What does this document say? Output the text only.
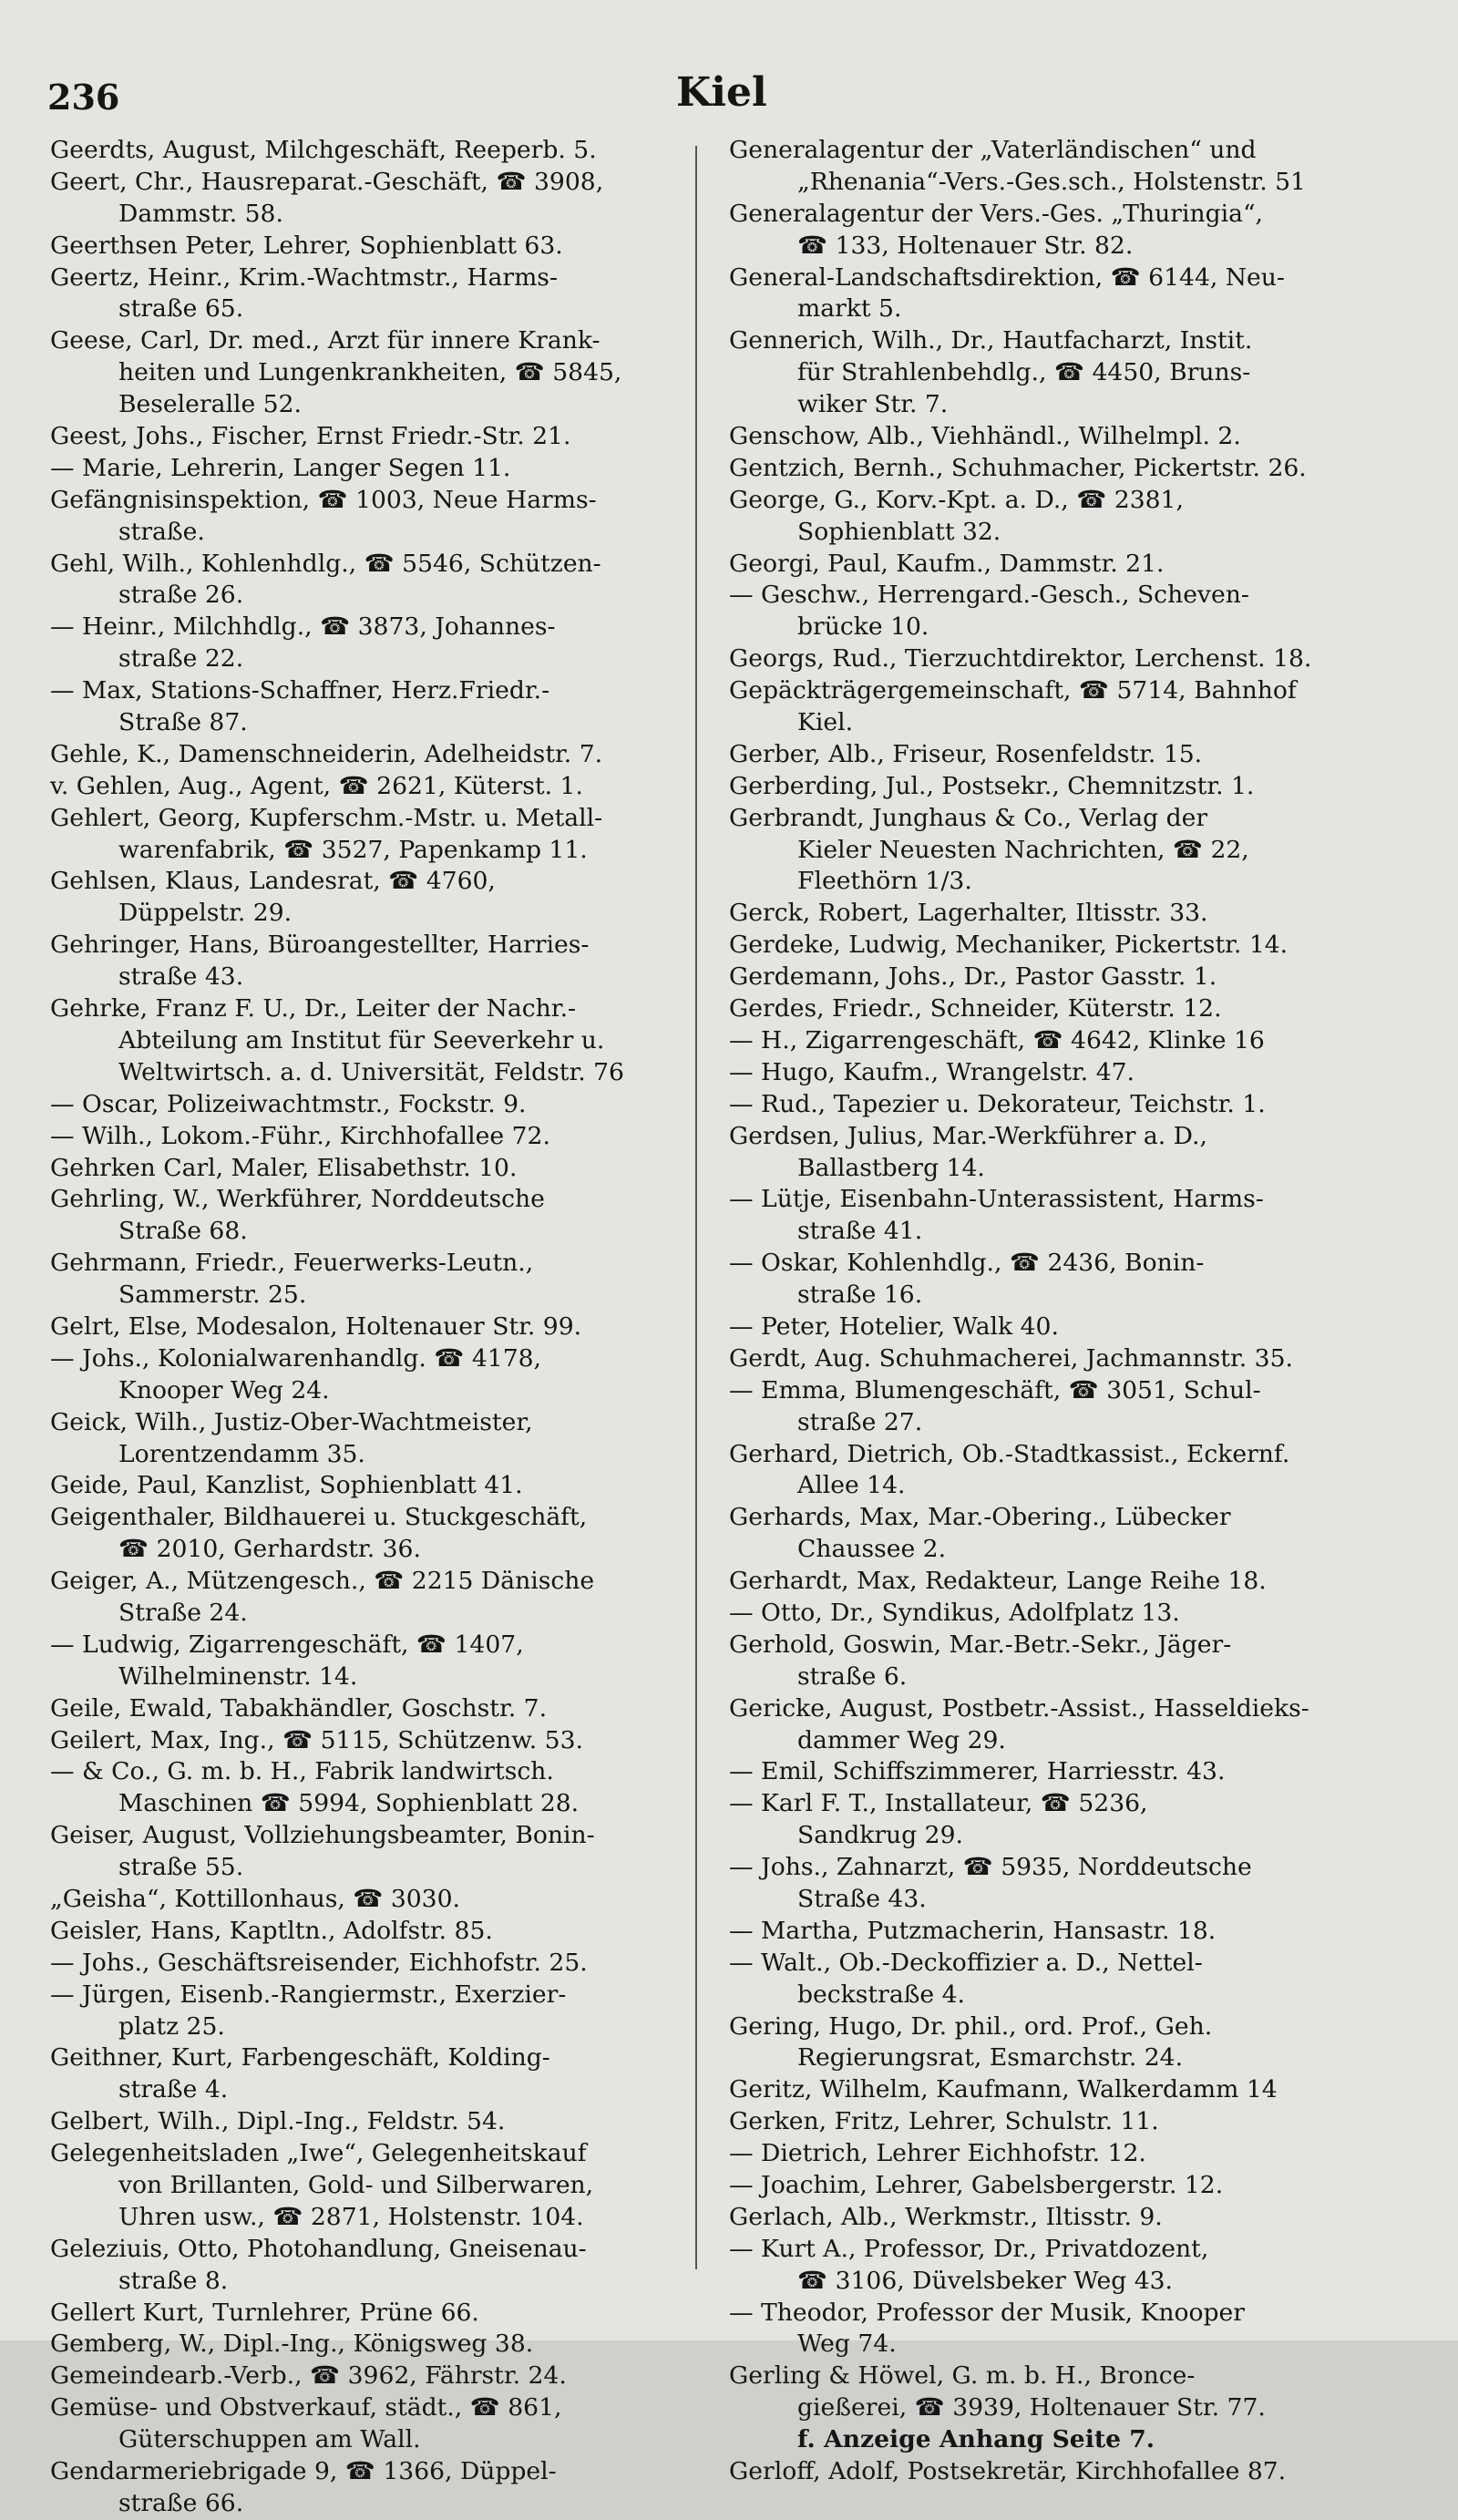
236	Kiel
Geerdts, August, Milchgeschäft, Reeperb. 5.
Geert, Chr., Hausreparat.-Geschäft, ☎ 3908,
Dammstr. 58.
Geerthsen Peter, Lehrer, Sophienblatt 63.
Geertz, Heinr., Krim.-Wachtmstr., Harms-
straße 65.
Geese, Carl, Dr. med., Arzt für innere Krank-
heiten und Lungenkrankheiten, ☎ 5845,
Beseleralle 52.
Geest, Johs., Fischer, Ernst Friedr.-Str. 21.
— Marie, Lehrerin, Langer Segen 11.
Gefängnisinspektion, ☎ 1003, Neue Harms-
straße.
Gehl, Wilh., Kohlenhdlg., ☎ 5546, Schützen-
straße 26.
— Heinr., Milchhdlg., ☎ 3873, Johannes-
straße 22.
— Max, Stations-Schaffner, Herz.Friedr.-
Straße 87.
Gehle, K., Damenschneiderin, Adelheidstr. 7.
v. Gehlen, Aug., Agent, ☎ 2621, Küterst. 1.
Gehlert, Georg, Kupferschm.-Mstr. u. Metall-
warenfabrik, ☎ 3527, Papenkamp 11.
Gehlsen, Klaus, Landesrat, ☎ 4760,
Düppelstr. 29.
Gehringer, Hans, Büroangestellter, Harries-
straße 43.
Gehrke, Franz F. U., Dr., Leiter der Nachr.-
Abteilung am Institut für Seeverkehr u.
Weltwirtsch. a. d. Universität, Feldstr. 76
— Oscar, Polizeiwachtmstr., Fockstr. 9.
— Wilh., Lokom.-Führ., Kirchhofallee 72.
Gehrken Carl, Maler, Elisabethstr. 10.
Gehrling, W., Werkführer, Norddeutsche
Straße 68.
Gehrmann, Friedr., Feuerwerks-Leutn.,
Sammerstr. 25.
Gelrt, Else, Modesalon, Holtenauer Str. 99.
— Johs., Kolonialwarenhandlg. ☎ 4178,
Knooper Weg 24.
Geick, Wilh., Justiz-Ober-Wachtmeister,
Lorentzendamm 35.
Geide, Paul, Kanzlist, Sophienblatt 41.
Geigenthaler, Bildhauerei u. Stuckgeschäft,
☎ 2010, Gerhardstr. 36.
Geiger, A., Mützengesch., ☎ 2215 Dänische
Straße 24.
— Ludwig, Zigarrengeschäft, ☎ 1407,
Wilhelminenstr. 14.
Geile, Ewald, Tabakhändler, Goschstr. 7.
Geilert, Max, Ing., ☎ 5115, Schützenw. 53.
— & Co., G. m. b. H., Fabrik landwirtsch.
Maschinen ☎ 5994, Sophienblatt 28.
Geiser, August, Vollziehungsbeamter, Bonin-
straße 55.
„Geisha“, Kottillonhaus, ☎ 3030.
Geisler, Hans, Kaptltn., Adolfstr. 85.
— Johs., Geschäftsreisender, Eichhofstr. 25.
— Jürgen, Eisenb.-Rangiermstr., Exerzier-
platz 25.
Geithner, Kurt, Farbengeschäft, Kolding-
straße 4.
Gelbert, Wilh., Dipl.-Ing., Feldstr. 54.
Gelegenheitsladen „Iwe“, Gelegenheitskauf
von Brillanten, Gold- und Silberwaren,
Uhren usw., ☎ 2871, Holstenstr. 104.
Geleziuis, Otto, Photohandlung, Gneisenau-
straße 8.
Gellert Kurt, Turnlehrer, Prüne 66.
Gemberg, W., Dipl.-Ing., Königsweg 38.
Gemeindearb.-Verb., ☎ 3962, Fährstr. 24.
Gemüse- und Obstverkauf, städt., ☎ 861,
Güterschuppen am Wall.
Gendarmeriebrigade 9, ☎ 1366, Düppel-
straße 66.
Generalagentur der „Vaterländischen“ und
„Rhenania“-Vers.-Ges.sch., Holstenstr. 51
Generalagentur der Vers.-Ges. „Thuringia“,
☎ 133, Holtenauer Str. 82.
General-Landschaftsdirektion, ☎ 6144, Neu-
markt 5.
Gennerich, Wilh., Dr., Hautfacharzt, Instit.
für Strahlenbehdlg., ☎ 4450, Bruns-
wiker Str. 7.
Genschow, Alb., Viehhändl., Wilhelmpl. 2.
Gentzich, Bernh., Schuhmacher, Pickertstr. 26.
George, G., Korv.-Kpt. a. D., ☎ 2381,
Sophienblatt 32.
Georgi, Paul, Kaufm., Dammstr. 21.
— Geschw., Herrengard.-Gesch., Scheven-
brücke 10.
Georgs, Rud., Tierzuchtdirektor, Lerchenst. 18.
Gepäckträgergemeinschaft, ☎ 5714, Bahnhof
Kiel.
Gerber, Alb., Friseur, Rosenfeldstr. 15.
Gerberding, Jul., Postsekr., Chemnitzstr. 1.
Gerbrandt, Junghaus & Co., Verlag der
Kieler Neuesten Nachrichten, ☎ 22,
Fleethörn 1/3.
Gerck, Robert, Lagerhalter, Iltisstr. 33.
Gerdeke, Ludwig, Mechaniker, Pickertstr. 14.
Gerdemann, Johs., Dr., Pastor Gasstr. 1.
Gerdes, Friedr., Schneider, Küterstr. 12.
— H., Zigarrengeschäft, ☎ 4642, Klinke 16
— Hugo, Kaufm., Wrangelstr. 47.
— Rud., Tapezier u. Dekorateur, Teichstr. 1.
Gerdsen, Julius, Mar.-Werkführer a. D.,
Ballastberg 14.
— Lütje, Eisenbahn-Unterassistent, Harms-
straße 41.
— Oskar, Kohlenhdlg., ☎ 2436, Bonin-
straße 16.
— Peter, Hotelier, Walk 40.
Gerdt, Aug. Schuhmacherei, Jachmannstr. 35.
— Emma, Blumengeschäft, ☎ 3051, Schul-
straße 27.
Gerhard, Dietrich, Ob.-Stadtkassist., Eckernf.
Allee 14.
Gerhards, Max, Mar.-Obering., Lübecker
Chaussee 2.
Gerhardt, Max, Redakteur, Lange Reihe 18.
— Otto, Dr., Syndikus, Adolfplatz 13.
Gerhold, Goswin, Mar.-Betr.-Sekr., Jäger-
straße 6.
Gericke, August, Postbetr.-Assist., Hasseldieks-
dammer Weg 29.
— Emil, Schiffszimmerer, Harriesstr. 43.
— Karl F. T., Installateur, ☎ 5236,
Sandkrug 29.
— Johs., Zahnarzt, ☎ 5935, Norddeutsche
Straße 43.
— Martha, Putzmacherin, Hansastr. 18.
— Walt., Ob.-Deckoffizier a. D., Nettel-
beckstraße 4.
Gering, Hugo, Dr. phil., ord. Prof., Geh.
Regierungsrat, Esmarchstr. 24.
Geritz, Wilhelm, Kaufmann, Walkerdamm 14
Gerken, Fritz, Lehrer, Schulstr. 11.
— Dietrich, Lehrer Eichhofstr. 12.
— Joachim, Lehrer, Gabelsbergerstr. 12.
Gerlach, Alb., Werkmstr., Iltisstr. 9.
— Kurt A., Professor, Dr., Privatdozent,
☎ 3106, Düvelsbeker Weg 43.
— Theodor, Professor der Musik, Knooper
Weg 74.
Gerling & Höwel, G. m. b. H., Bronce-
gießerei, ☎ 3939, Holtenauer Str. 77.
f. Anzeige Anhang Seite 7.
Gerloff, Adolf, Postsekretär, Kirchhofallee 87.
